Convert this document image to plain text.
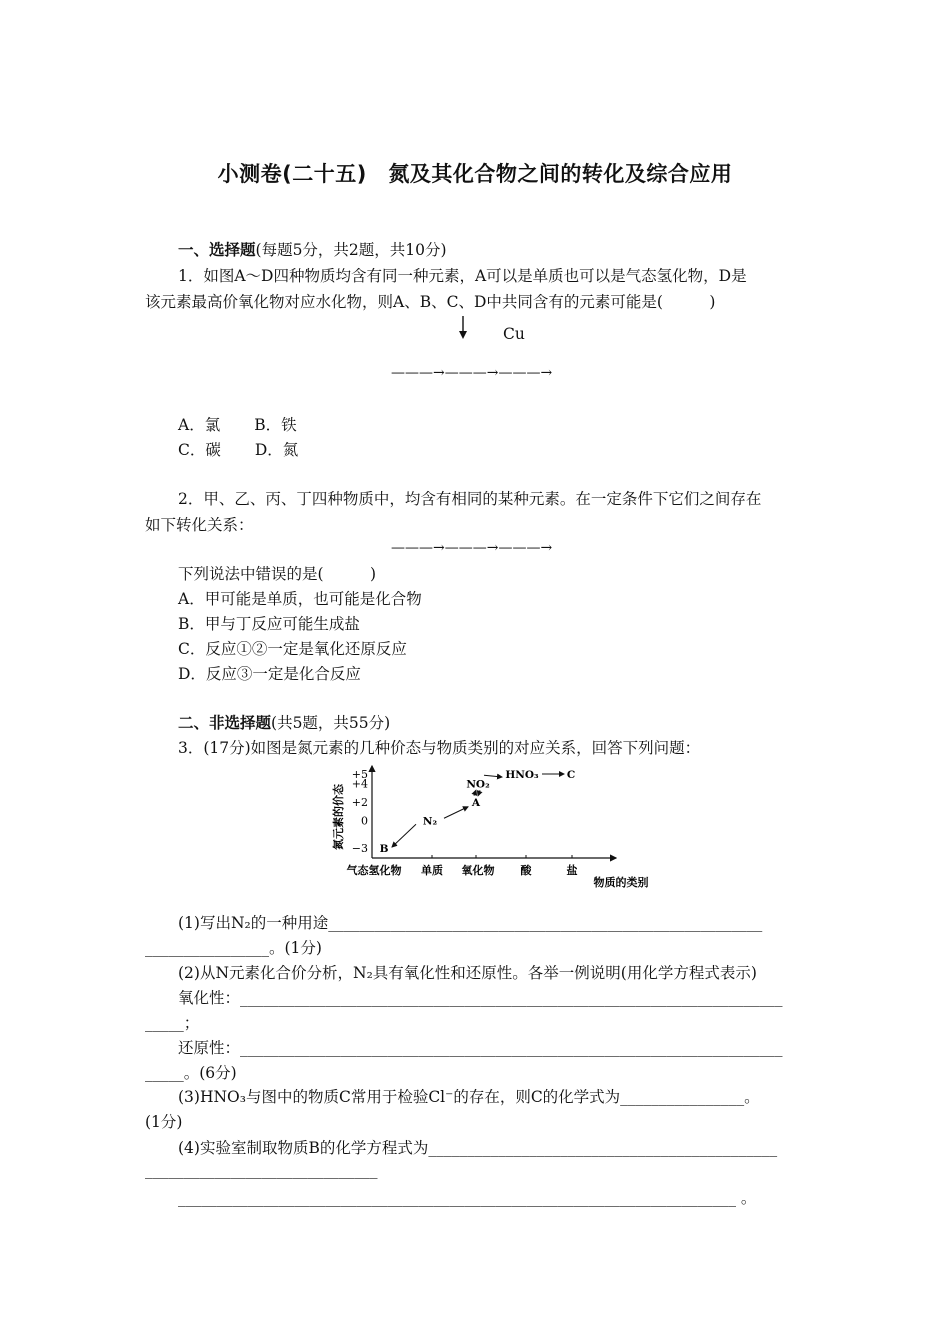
小测卷(二十五)　氮及其化合物之间的转化及综合应用
一、选择题(每题5分，共2题，共10分)
1．如图A～D四种物质均含有同一种元素，A可以是单质也可以是气态氢化物，D是
该元素最高价氧化物对应水化物，则A、B、C、D中共同含有的元素可能是(　　　)
Cu
———→———→———→
A．氯 B．铁
C．碳 D．氮
2．甲、乙、丙、丁四种物质中，均含有相同的某种元素。在一定条件下它们之间存在
如下转化关系：
———→———→———→
下列说法中错误的是(　　　)
A．甲可能是单质，也可能是化合物
B．甲与丁反应可能生成盐
C．反应①②一定是氧化还原反应
D．反应③一定是化合反应
二、非选择题(共5题，共55分)
3．(17分)如图是氮元素的几种价态与物质类别的对应关系，回答下列问题：
氮元素的价态
+5
+4
+2
0
−3
气态氢化物 单质 氧化物 酸	盐
物质的类别
B
N₂
A
NO₂
HNO₃	C
(1)写出N₂的一种用途________________________________________________________
________________。(1分)
(2)从N元素化合价分析，N₂具有氧化性和还原性。各举一例说明(用化学方程式表示)
氧化性：______________________________________________________________________
_____；
还原性：______________________________________________________________________
_____。(6分)
(3)HNO₃与图中的物质C常用于检验Cl⁻的存在，则C的化学式为________________。
(1分)
(4)实验室制取物质B的化学方程式为_____________________________________________
______________________________
________________________________________________________________________ 。
